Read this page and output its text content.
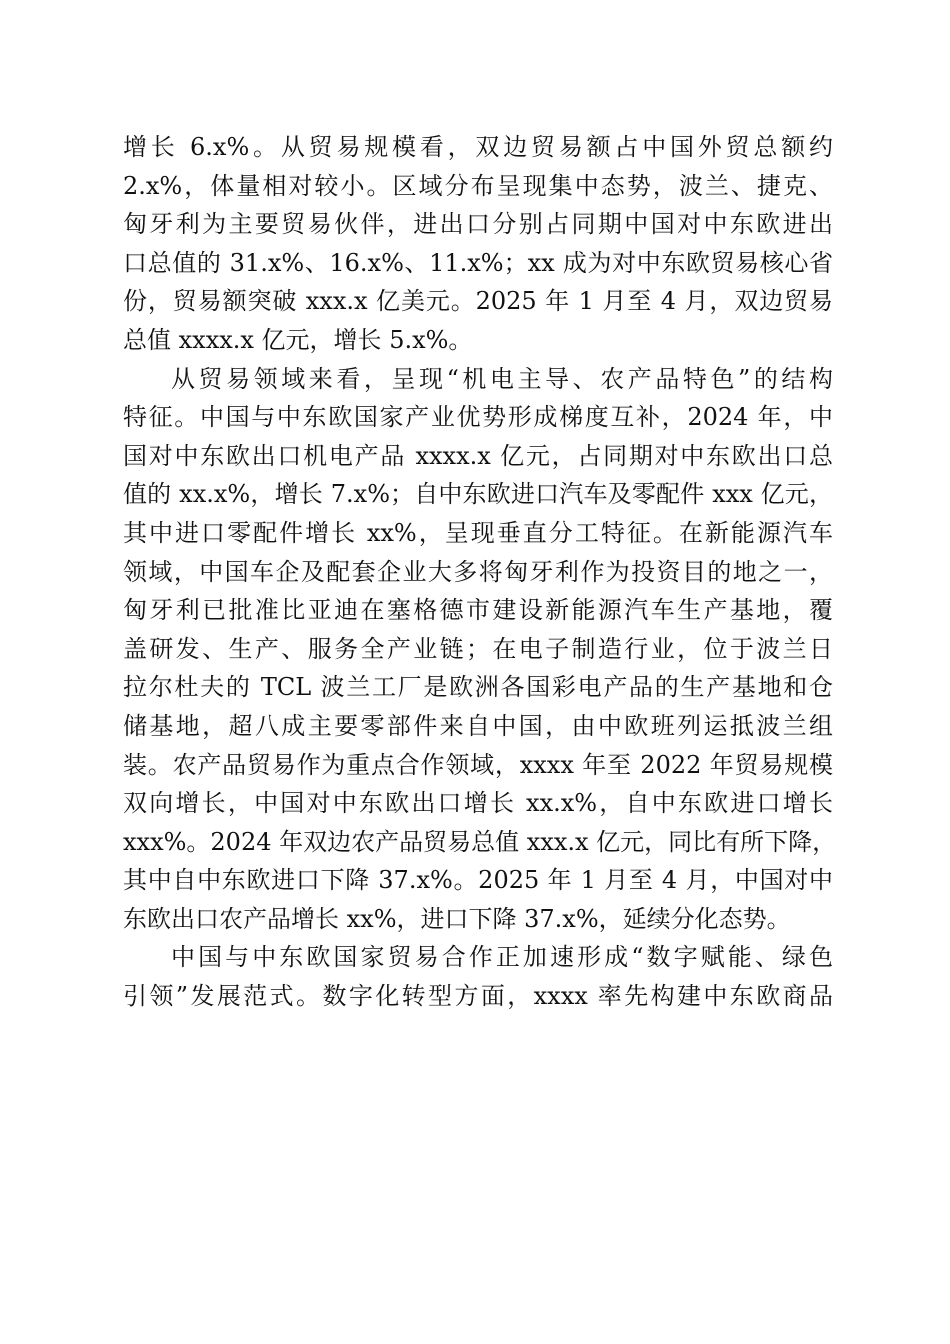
增长 6.x%。从贸易规模看，双边贸易额占中国外贸总额约
2.x%，体量相对较小。区域分布呈现集中态势，波兰、捷克、
匈牙利为主要贸易伙伴，进出口分别占同期中国对中东欧进出
口总值的 31.x%、16.x%、11.x%；xx 成为对中东欧贸易核心省
份，贸易额突破 xxx.x 亿美元。2025 年 1 月至 4 月，双边贸易
总值 xxxx.x 亿元，增长 5.x%。
从贸易领域来看，呈现“机电主导、农产品特色”的结构
特征。中国与中东欧国家产业优势形成梯度互补，2024 年，中
国对中东欧出口机电产品 xxxx.x 亿元，占同期对中东欧出口总
值的 xx.x%，增长 7.x%；自中东欧进口汽车及零配件 xxx 亿元，
其中进口零配件增长 xx%，呈现垂直分工特征。在新能源汽车
领域，中国车企及配套企业大多将匈牙利作为投资目的地之一，
匈牙利已批准比亚迪在塞格德市建设新能源汽车生产基地，覆
盖研发、生产、服务全产业链；在电子制造行业，位于波兰日
拉尔杜夫的 TCL 波兰工厂是欧洲各国彩电产品的生产基地和仓
储基地，超八成主要零部件来自中国，由中欧班列运抵波兰组
装。农产品贸易作为重点合作领域，xxxx 年至 2022 年贸易规模
双向增长，中国对中东欧出口增长 xx.x%，自中东欧进口增长
xxx%。2024 年双边农产品贸易总值 xxx.x 亿元，同比有所下降，
其中自中东欧进口下降 37.x%。2025 年 1 月至 4 月，中国对中
东欧出口农产品增长 xx%，进口下降 37.x%，延续分化态势。
中国与中东欧国家贸易合作正加速形成“数字赋能、绿色
引领”发展范式。数字化转型方面，xxxx 率先构建中东欧商品
